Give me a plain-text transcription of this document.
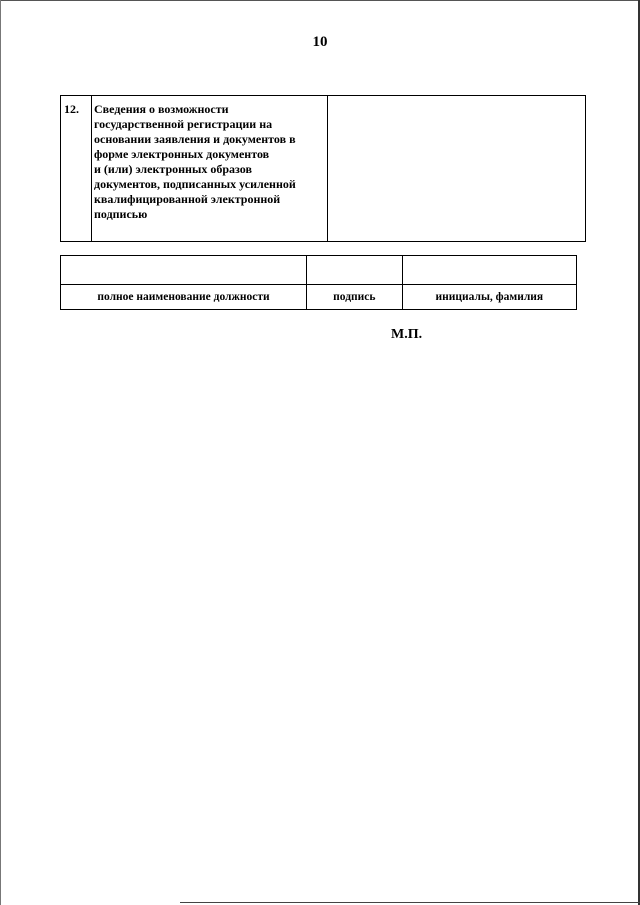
10
12.	Сведения о возможности
государственной регистрации на
основании заявления и документов в
форме электронных документов
и (или) электронных образов
документов, подписанных усиленной
квалифицированной электронной
подписью

полное наименование должности	подпись	инициалы, фамилия
М.П.
